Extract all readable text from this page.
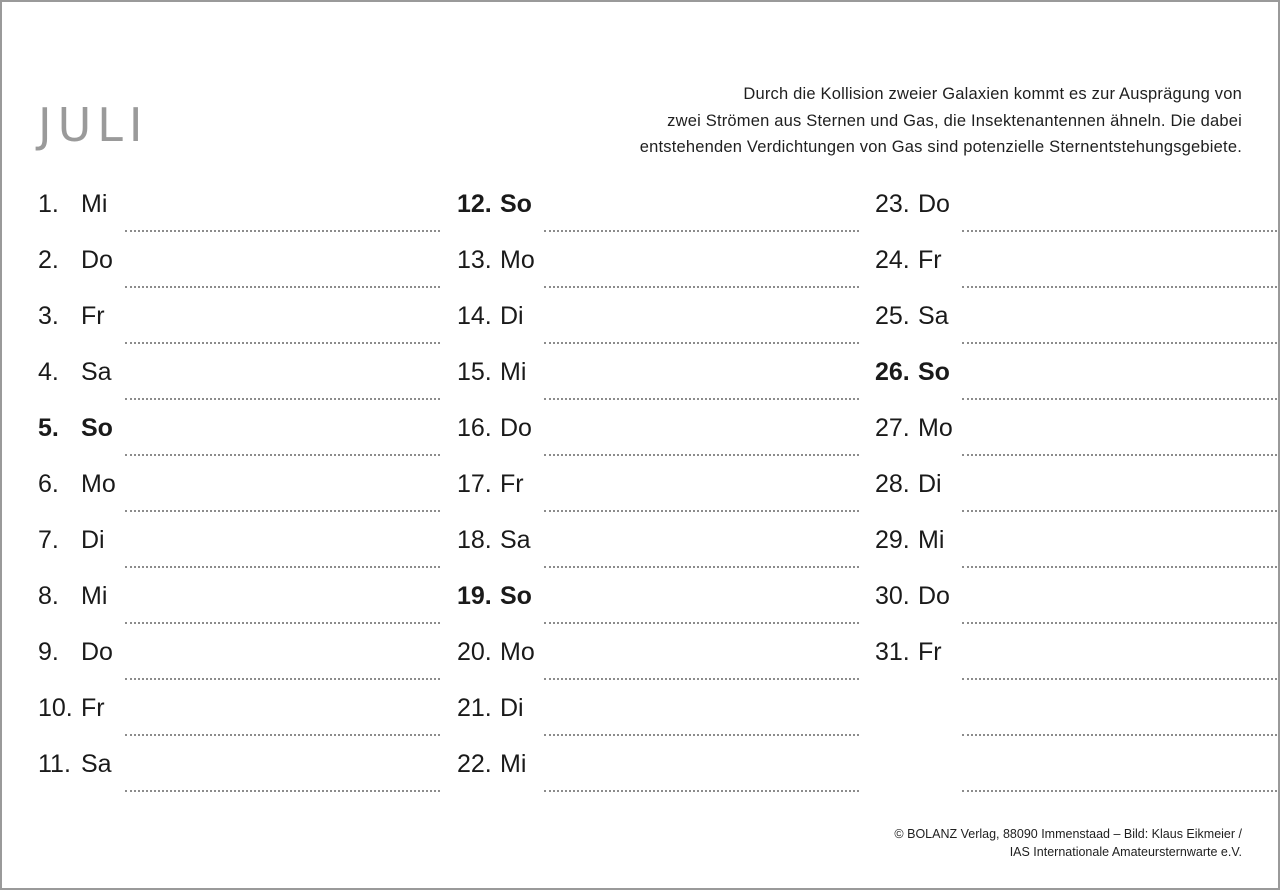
JULI
Durch die Kollision zweier Galaxien kommt es zur Ausprägung von
zwei Strömen aus Sternen und Gas, die Insektenantennen ähneln. Die dabei
entstehenden Verdichtungen von Gas sind potenzielle Sternentstehungsgebiete.
1. Mi
2. Do
3. Fr
4. Sa
5. So
6. Mo
7. Di
8. Mi
9. Do
10. Fr
11. Sa
12. So
13. Mo
14. Di
15. Mi
16. Do
17. Fr
18. Sa
19. So
20. Mo
21. Di
22. Mi
23. Do
24. Fr
25. Sa
26. So
27. Mo
28. Di
29. Mi
30. Do
31. Fr
© BOLANZ Verlag, 88090 Immenstaad – Bild: Klaus Eikmeier /
IAS Internationale Amateursternwarte e.V.
